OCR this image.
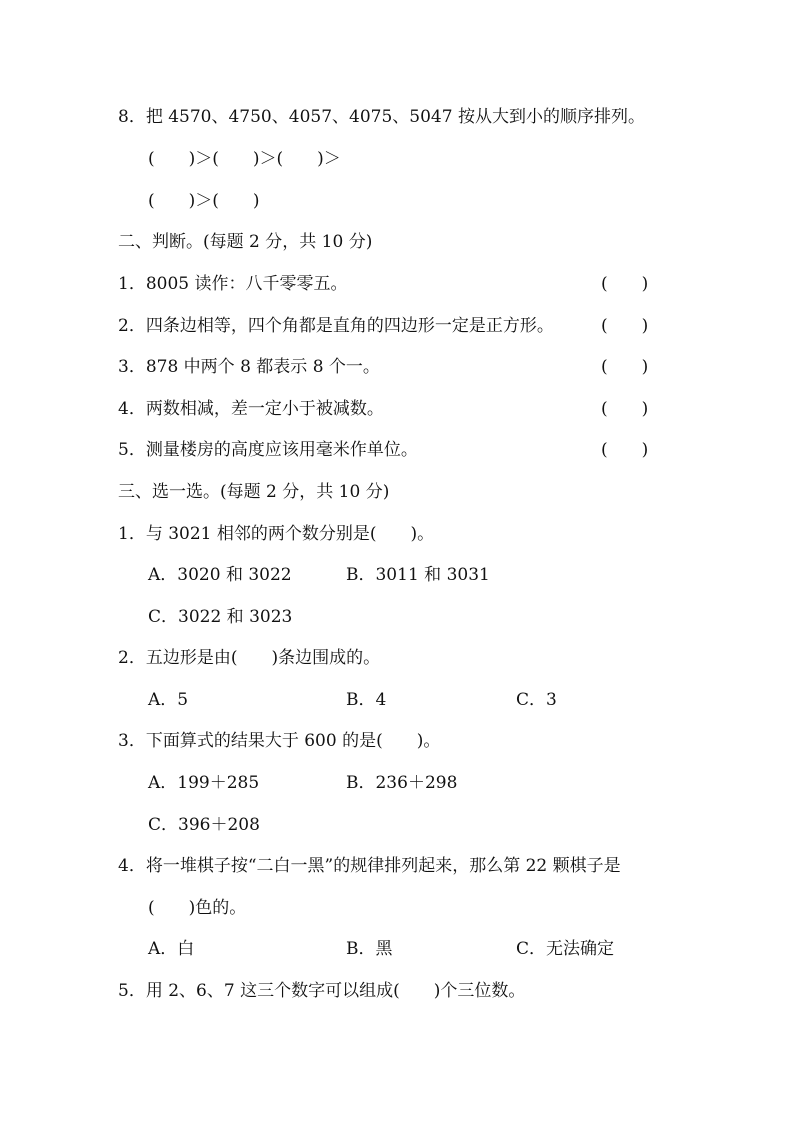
8．把 4570、4750、4057、4075、5047 按从大到小的顺序排列。
(　　)＞(　　)＞(　　)＞
(　　)＞(　　)
二、判断。(每题 2 分，共 10 分)
1．8005 读作：八千零零五。	(　　)
2．四条边相等，四个角都是直角的四边形一定是正方形。	(　　)
3．878 中两个 8 都表示 8 个一。	(　　)
4．两数相减，差一定小于被减数。	(　　)
5．测量楼房的高度应该用毫米作单位。	(　　)
三、选一选。(每题 2 分，共 10 分)
1．与 3021 相邻的两个数分别是(　　)。
A．3020 和 3022	B．3011 和 3031
C．3022 和 3023
2．五边形是由(　　)条边围成的。
A．5	B．4	C．3
3．下面算式的结果大于 600 的是(　　)。
A．199＋285	B．236＋298
C．396＋208
4．将一堆棋子按“二白一黑”的规律排列起来，那么第 22 颗棋子是
(　　)色的。
A．白	B．黑	C．无法确定
5．用 2、6、7 这三个数字可以组成(　　)个三位数。
